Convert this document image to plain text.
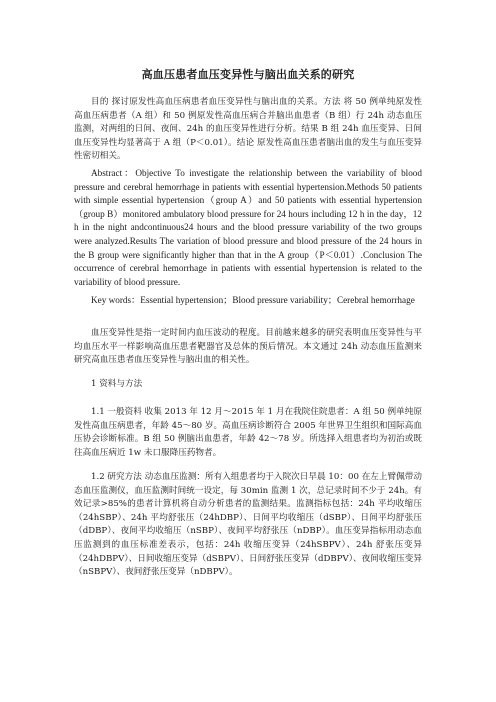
高血压患者血压变异性与脑出血关系的研究

目的 探讨原发性高血压病患者血压变异性与脑出血的关系。方法 将 50 例单纯原发性高血压病患者（A 组）和 50 例原发性高血压病合并脑出血患者（B 组）行 24h 动态血压监测，对两组的日间、夜间、24h 的血压变异性进行分析。结果 B 组 24h 血压变异、日间血压变异性均显著高于 A 组（P＜0.01）。结论 原发性高血压患者脑出血的发生与血压变异性密切相关。

Abstract：Objective To investigate the relationship between the variability of blood pressure and cerebral hemorrhage in patients with essential hypertension.Methods 50 patients with simple essential hypertension（group A）and 50 patients with essential hypertension（group B）monitored ambulatory blood pressure for 24 hours including 12 h in the day，12 h in the night andcontinuous24 hours and the blood pressure variability of the two groups were analyzed.Results The variation of blood pressure and blood pressure of the 24 hours in the B group were significantly higher than that in the A group（P＜0.01）.Conclusion The occurrence of cerebral hemorrhage in patients with essential hypertension is related to the variability of blood pressure.

Key words：Essential hypertension；Blood pressure variability；Cerebral hemorrhage

血压变异性是指一定时间内血压波动的程度。目前越来越多的研究表明血压变异性与平均血压水平一样影响高血压患者靶器官及总体的预后情况。本文通过 24h 动态血压监测来研究高血压患者血压变异性与脑出血的相关性。

1 资料与方法

1.1 一般资料 收集 2013 年 12 月～2015 年 1 月在我院住院患者：A 组 50 例单纯原发性高血压病患者，年龄 45～80 岁。高血压病诊断符合 2005 年世界卫生组织和国际高血压协会诊断标准。B 组 50 例脑出血患者，年龄 42～78 岁。所选择入组患者均为初治或既往高血压病近 1w 未口服降压药物者。

1.2 研究方法 动态血压监测：所有入组患者均于入院次日早晨 10：00 在左上臂佩带动态血压监测仪，血压监测时间统一设定，每 30min 监测 1 次，总记录时间不少于 24h。有效记录>85%的患者计算机将自动分析患者的监测结果。监测指标包括：24h 平均收缩压（24hSBP）、24h 平均舒张压（24hDBP）、日间平均收缩压（dSBP）、日间平均舒张压（dDBP）、夜间平均收缩压（nSBP）、夜间平均舒张压（nDBP）。血压变异指标用动态血压监测到的血压标准差表示，包括：24h 收缩压变异（24hSBPV）、24h 舒张压变异（24hDBPV）、日间收缩压变异（dSBPV）、日间舒张压变异（dDBPV）、夜间收缩压变异（nSBPV）、夜间舒张压变异（nDBPV）。
